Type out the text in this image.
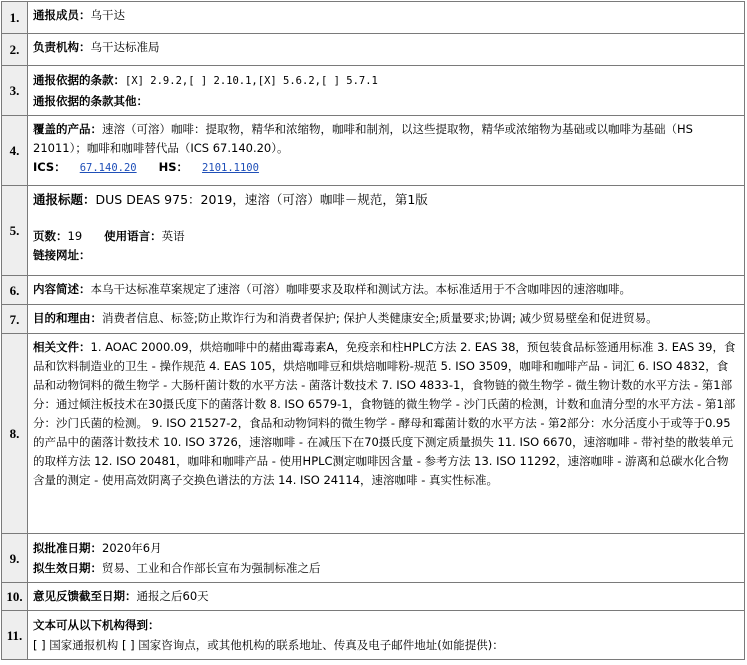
1.	通报成员：乌干达
2.	负责机构：乌干达标准局
3.	通报依据的条款：[X] 2.9.2,[ ] 2.10.1,[X] 5.6.2,[ ] 5.7.1
通报依据的条款其他：

4.	覆盖的产品：速溶（可溶）咖啡：提取物，精华和浓缩物，咖啡和制剂，以这些提取物，精华或浓缩物为基础或以咖啡为基础（HS 21011）；咖啡和咖啡替代品（ICS 67.140.20）。
ICS： 67.140.20 HS： 2101.1100

5.	通报标题：DUS DEAS 975：2019，速溶（可溶）咖啡－规范，第1版
页数：19 使用语言：英语
链接网址：

6.	内容简述：本乌干达标准草案规定了速溶（可溶）咖啡要求及取样和测试方法。本标准适用于不含咖啡因的速溶咖啡。
7.	目的和理由：消费者信息、标签;防止欺诈行为和消费者保护; 保护人类健康安全;质量要求;协调; 减少贸易壁垒和促进贸易。
8.	相关文件：1. AOAC 2000.09，烘焙咖啡中的赭曲霉毒素A，免疫亲和柱HPLC方法 2. EAS 38，预包装食品标签通用标准 3. EAS 39，食品和饮料制造业的卫生 - 操作规范 4. EAS 105，烘焙咖啡豆和烘焙咖啡粉-规范 5. ISO 3509，咖啡和咖啡产品 - 词汇 6. ISO 4832，食品和动物饲料的微生物学 - 大肠杆菌计数的水平方法 - 菌落计数技术 7. ISO 4833-1，食物链的微生物学 - 微生物计数的水平方法 - 第1部分：通过倾注板技术在30摄氏度下的菌落计数 8. ISO 6579-1，食物链的微生物学 - 沙门氏菌的检测，计数和血清分型的水平方法 - 第1部分：沙门氏菌的检测。 9. ISO 21527-2，食品和动物饲料的微生物学 - 酵母和霉菌计数的水平方法 - 第2部分：水分活度小于或等于0.95的产品中的菌落计数技术 10. ISO 3726，速溶咖啡 - 在减压下在70摄氏度下测定质量损失 11. ISO 6670，速溶咖啡 - 带衬垫的散装单元的取样方法 12. ISO 20481，咖啡和咖啡产品 - 使用HPLC测定咖啡因含量 - 参考方法 13. ISO 11292，速溶咖啡 - 游离和总碳水化合物含量的测定 - 使用高效阴离子交换色谱法的方法 14. ISO 24114，速溶咖啡 - 真实性标准。
9.	拟批准日期：2020年6月
拟生效日期：贸易、工业和合作部长宣布为强制标准之后

10.	意见反馈截至日期：通报之后60天
11.	文本可从以下机构得到：
[ ] 国家通报机构 [ ] 国家咨询点，或其他机构的联系地址、传真及电子邮件地址(如能提供)：
